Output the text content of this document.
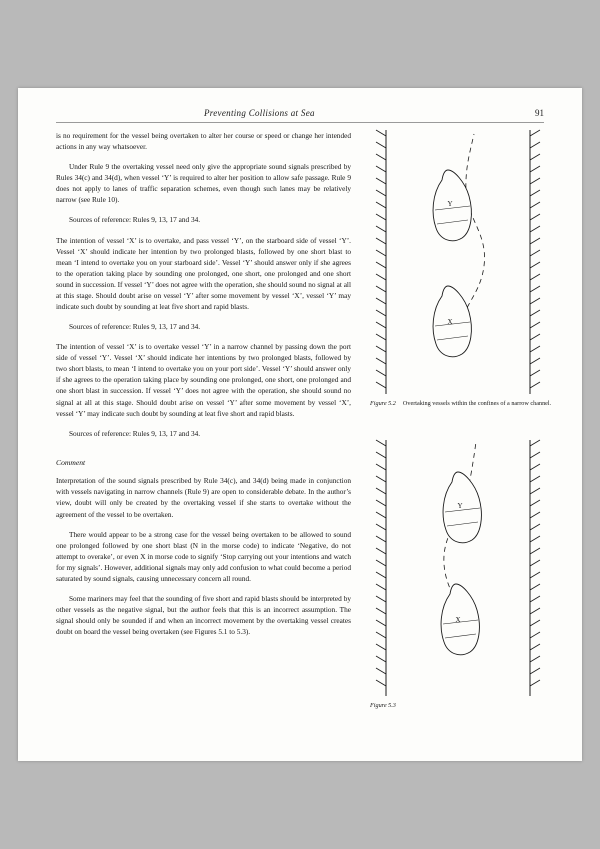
Preventing Collisions at Sea	91

is no requirement for the vessel being overtaken to alter her course or speed or change her intended actions in any way whatsoever.

Under Rule 9 the overtaking vessel need only give the appropriate sound signals prescribed by Rules 34(c) and 34(d), when vessel ‘Y’ is required to alter her position to allow safe passage. Rule 9 does not apply to lanes of traffic separation schemes, even though such lanes may be relatively narrow (see Rule 10).

Sources of reference: Rules 9, 13, 17 and 34.

The intention of vessel ‘X’ is to overtake, and pass vessel ‘Y’, on the starboard side of vessel ‘Y’. Vessel ‘X’ should indicate her intention by two prolonged blasts, followed by one short blast to mean ‘I intend to overtake you on your starboard side’. Vessel ‘Y’ should answer only if she agrees to the operation taking place by sounding one prolonged, one short, one prolonged and one short sound in succession. If vessel ‘Y’ does not agree with the operation, she should sound no signal at all at this stage. Should doubt arise on vessel ‘Y’ after some movement by vessel ‘X’, vessel ‘Y’ may indicate such doubt by sounding at leat five short and rapid blasts.

Sources of reference: Rules 9, 13, 17 and 34.

The intention of vessel ‘X’ is to overtake vessel ‘Y’ in a narrow channel by passing down the port side of vessel ‘Y’. Vessel ‘X’ should indicate her intentions by two prolonged blasts, followed by two short blasts, to mean ‘I intend to overtake you on your port side’. Vessel ‘Y’ should answer only if she agrees to the operation taking place by sounding one prolonged, one short, one prolonged and one short blast in succession. If vessel ‘Y’ does not agree with the operation, she should sound no signal at all at this stage. Should doubt arise on vessel ‘Y’ after some movement by vessel ‘X’, vessel ‘Y’ may indicate such doubt by sounding at leat five short and rapid blasts.

Sources of reference: Rules 9, 13, 17 and 34.

Comment

Interpretation of the sound signals prescribed by Rule 34(c), and 34(d) being made in conjunction with vessels navigating in narrow channels (Rule 9) are open to considerable debate. In the author’s view, doubt will only be created by the overtaking vessel if she starts to overtake without the agreement of the vessel to be overtaken.

There would appear to be a strong case for the vessel being overtaken to be allowed to sound one prolonged followed by one short blast (N in the morse code) to indicate ‘Negative, do not attempt to overake’, or even X in morse code to signify ‘Stop carrying out your intentions and watch for my signals’. However, additional signals may only add confusion to what could become a period saturated by sound signals, causing unnecessary concern all round.

Some mariners may feel that the sounding of five short and rapid blasts should be interpreted by other vessels as the negative signal, but the author feels that this is an incorrect assumption. The signal should only be sounded if and when an incorrect movement by the overtaking vessel creates doubt on board the vessel being overtaken (see Figures 5.1 to 5.3).

Y
X
Figure 5.2 Overtaking vessels within the confines of a narrow channel.
Y
X
Figure 5.3
